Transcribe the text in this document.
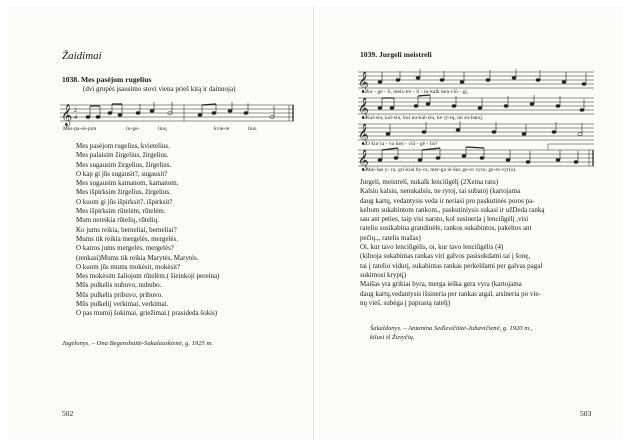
Žaidimai
1038. Mes pasėjom rugelius
(dvi grupės įsausimo stovi viena prieš kitą ir dainuoja)
𝄞 2
4
Mes-pa-sė-jom	ru-ge-	lius,	kvie-te	lius.
Mes pasėjom rugelius, kvietelius.
Mes palaisim žirgelius, žirgelius.
Mes sugausim žirgelius, žirgelius.
O kap gi jūs sugausit?, sugausit?
Mes sugausim kamanom, kamanom.
Mes išpirksim žirgelius, žirgelius.
O kuom gi jūs išpirksit?, išpirksit?
Mes išpirksim rūtelėm, rūtelėm.
Mum nereikia rūtelių, rūtelių.
Ko jums reikia, berneliai, berneliai?
Mums tik reikia mergelės, mergelės.
O katros jums mergelės, mergelės?
(renkasi)Mums tik reikia Marytės, Marytės.
O kuom jūs mums mokėsit, mokėsit?
Mes mokėsim žaliojom rūtelėm.( šieinkoji pereina)
Mūs pulkelis nubuvo, nububo.
Mūs pulkelis pribuvo, pribuvo.
Mūs pulkelij verkimai, verkimai.
O pas mumij šokimai, griežimai.( prasideda šokis)
Jagėlonys. – Ona Begenshaitė-Sakalauskienė, g. 1925 m.
502
1039. Jurgeli meistreli
𝄞
𝄞
𝄞
𝄞
Jur - ge - li, meis-tre - li - tu-kalk ken-ciū - gį,
Kal-siu, kal-siu, kol nu-kal-siu, ne ry-tų, tai su-batoj.
O kur ta - vo ken - ciū - gė - lis?
Mai-šas y- ra, gri-kiai by-ra, mer-ga ie-ško ge-ro vyro, ge-ro vyr(o).
Jurgeli, meistreli, nukalk lenciūgėlį (2Xeina ratu)
Kalsiu kalsiu, nenukalsiu, ne rytoj, tai subatoj (kartojama
daug kartų, vedantysis veda ir neriasi pro paskutinės poros pa-
keltom sukabintom rankom., paskutiniysis sukasi ir užDeda ranką
sau ant peties, taip visi narsto, kol susineria į lenciūgėlį ,visi
rateliu susikabina grandinėle, rankos sukabintos, pakeltos ant
pečių.,, ratelis mažas)
Oi, kur tavo lenciūgėlis, oi, kur tavo lenciūgėlis (4)
(kilnoja sukabintas rankas viri galvos pasisukdami tai į šonę,
tai į ratelio vidurį, sukabintas rankas perkeldami per galvas pagal
sukimosi kryptį)
Maišas yra grikiai byra, merga ieška gera vyra (kartojama
daug kartų,vedantysis išsineria per rankas atgal, atsineria po vie-
nų vieš, subėga į paprastą ratelį)
Šakaldonys. – Antanina Sedlevičiūtė-Juhavičienė, g. 1920 m.,
kilusi iš Žuvyčių.
503
